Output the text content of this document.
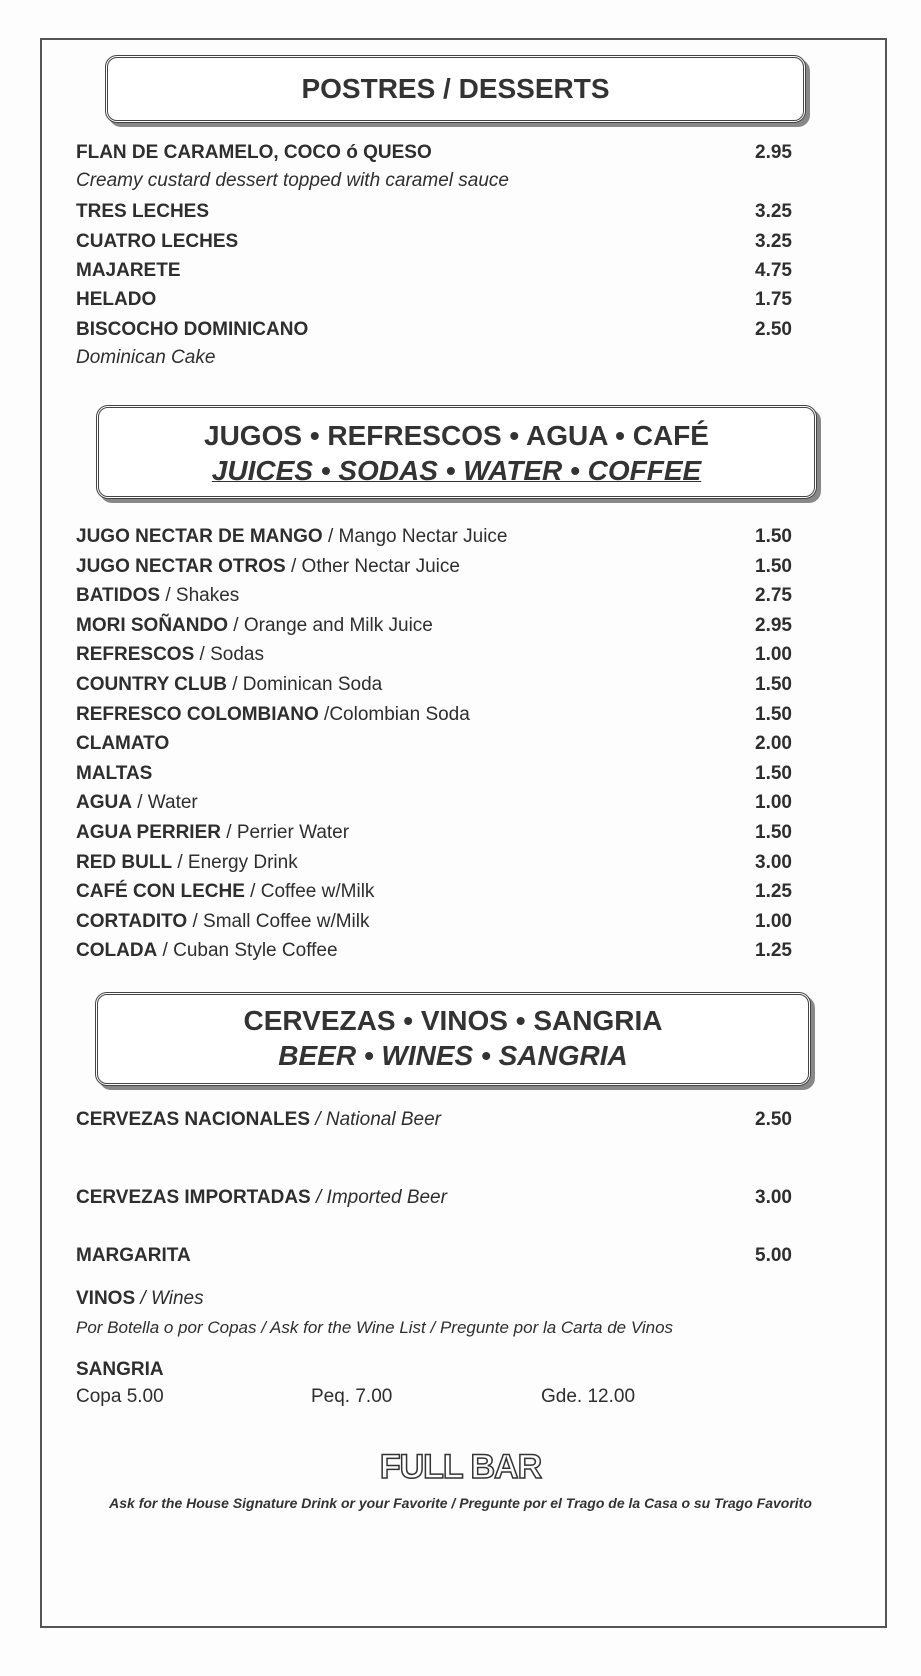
POSTRES / DESSERTS
FLAN DE CARAMELO, COCO ó QUESO	2.95
Creamy custard dessert topped with caramel sauce
TRES LECHES	3.25
CUATRO LECHES	3.25
MAJARETE	4.75
HELADO	1.75
BISCOCHO DOMINICANO	2.50
Dominican Cake
JUGOS • REFRESCOS • AGUA • CAFÉ
JUICES • SODAS • WATER • COFFEE
JUGO NECTAR DE MANGO / Mango Nectar Juice	1.50
JUGO NECTAR OTROS / Other Nectar Juice	1.50
BATIDOS / Shakes	2.75
MORI SOÑANDO / Orange and Milk Juice	2.95
REFRESCOS / Sodas	1.00
COUNTRY CLUB / Dominican Soda	1.50
REFRESCO COLOMBIANO /Colombian Soda	1.50
CLAMATO	2.00
MALTAS	1.50
AGUA / Water	1.00
AGUA PERRIER / Perrier Water	1.50
RED BULL / Energy Drink	3.00
CAFÉ CON LECHE / Coffee w/Milk	1.25
CORTADITO / Small Coffee w/Milk	1.00
COLADA / Cuban Style Coffee	1.25
CERVEZAS • VINOS • SANGRIA
BEER • WINES • SANGRIA
CERVEZAS NACIONALES / National Beer	2.50
CERVEZAS IMPORTADAS / Imported Beer	3.00
MARGARITA	5.00
VINOS / Wines
Por Botella o por Copas / Ask for the Wine List / Pregunte por la Carta de Vinos
SANGRIA
Copa 5.00	Peq. 7.00	Gde. 12.00
FULL BAR
Ask for the House Signature Drink or your Favorite / Pregunte por el Trago de la Casa o su Trago Favorito
